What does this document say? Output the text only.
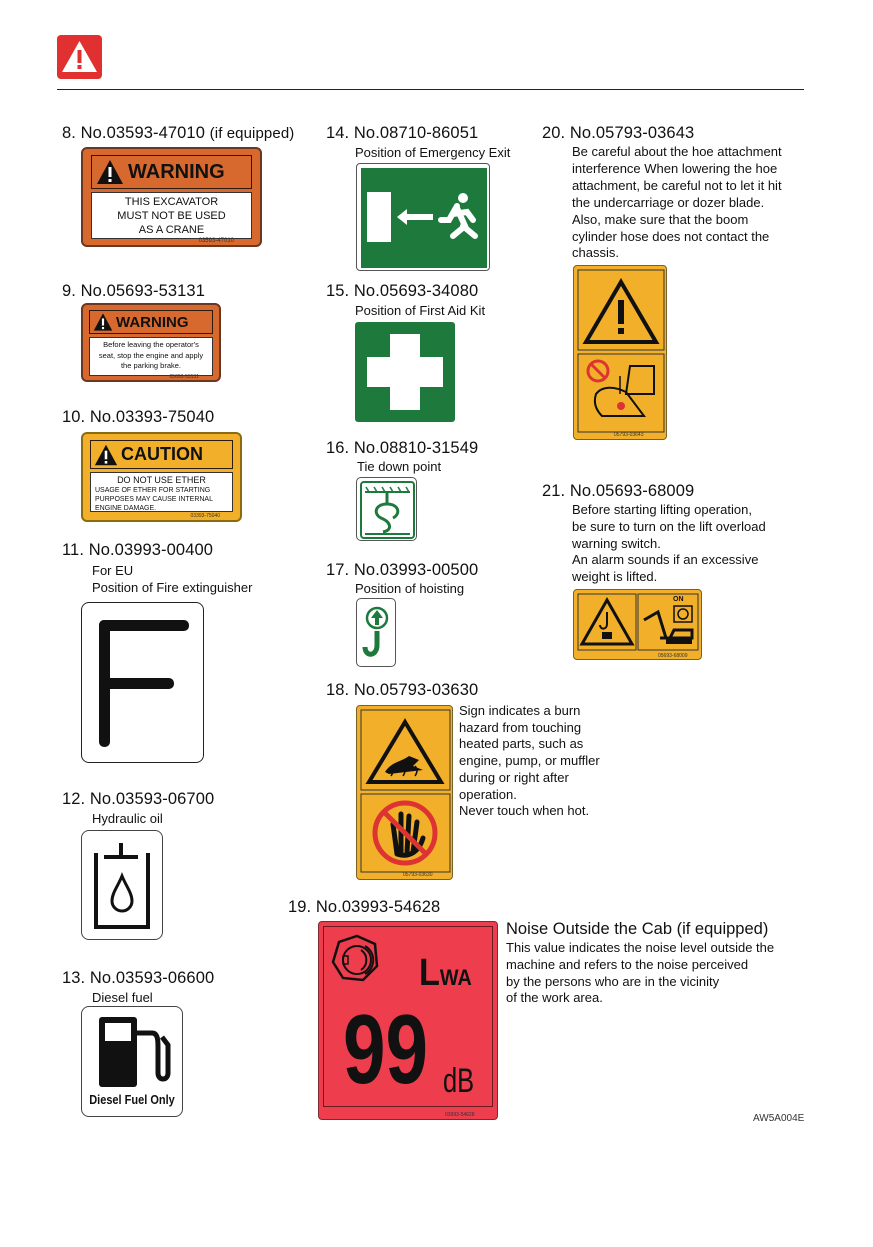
8. No.03593-47010 (if equipped)
WARNING
THIS EXCAVATOR
MUST NOT BE USED
AS A CRANE
03593-47010
9. No.05693-53131
WARNING
Before leaving the operator's
seat, stop the engine and apply
the parking brake.
05693-53131
10. No.03393-75040
CAUTION
DO NOT USE ETHER
USAGE OF ETHER FOR STARTING
PURPOSES MAY CAUSE INTERNAL
ENGINE DAMAGE.
03393-75040
11. No.03993-00400
For EU
Position of Fire extinguisher
12. No.03593-06700
Hydraulic oil
13. No.03593-06600
Diesel fuel
Diesel Fuel Only
14. No.08710-86051
Position of Emergency Exit
15. No.05693-34080
Position of First Aid Kit
16. No.08810-31549
Tie down point
17. No.03993-00500
Position of hoisting
18. No.05793-03630
05793-03630
Sign indicates a burn
hazard from touching
heated parts, such as
engine, pump, or muffler
during or right after
operation.
Never touch when hot.
19. No.03993-54628
LWA
99 dB
03993-54628
Noise Outside the Cab (if equipped)
This value indicates the noise level outside the
machine and refers to the noise perceived
by the persons who are in the vicinity
of the work area.
20. No.05793-03643
Be careful about the hoe attachment
interference When lowering the hoe
attachment, be careful not to let it hit
the undercarriage or dozer blade.
Also, make sure that the boom
cylinder hose does not contact the
chassis.
05793-03643
21. No.05693-68009
Before starting lifting operation,
be sure to turn on the lift overload
warning switch.
An alarm sounds if an excessive
weight is lifted.
ON
05693-68009
AW5A004E
